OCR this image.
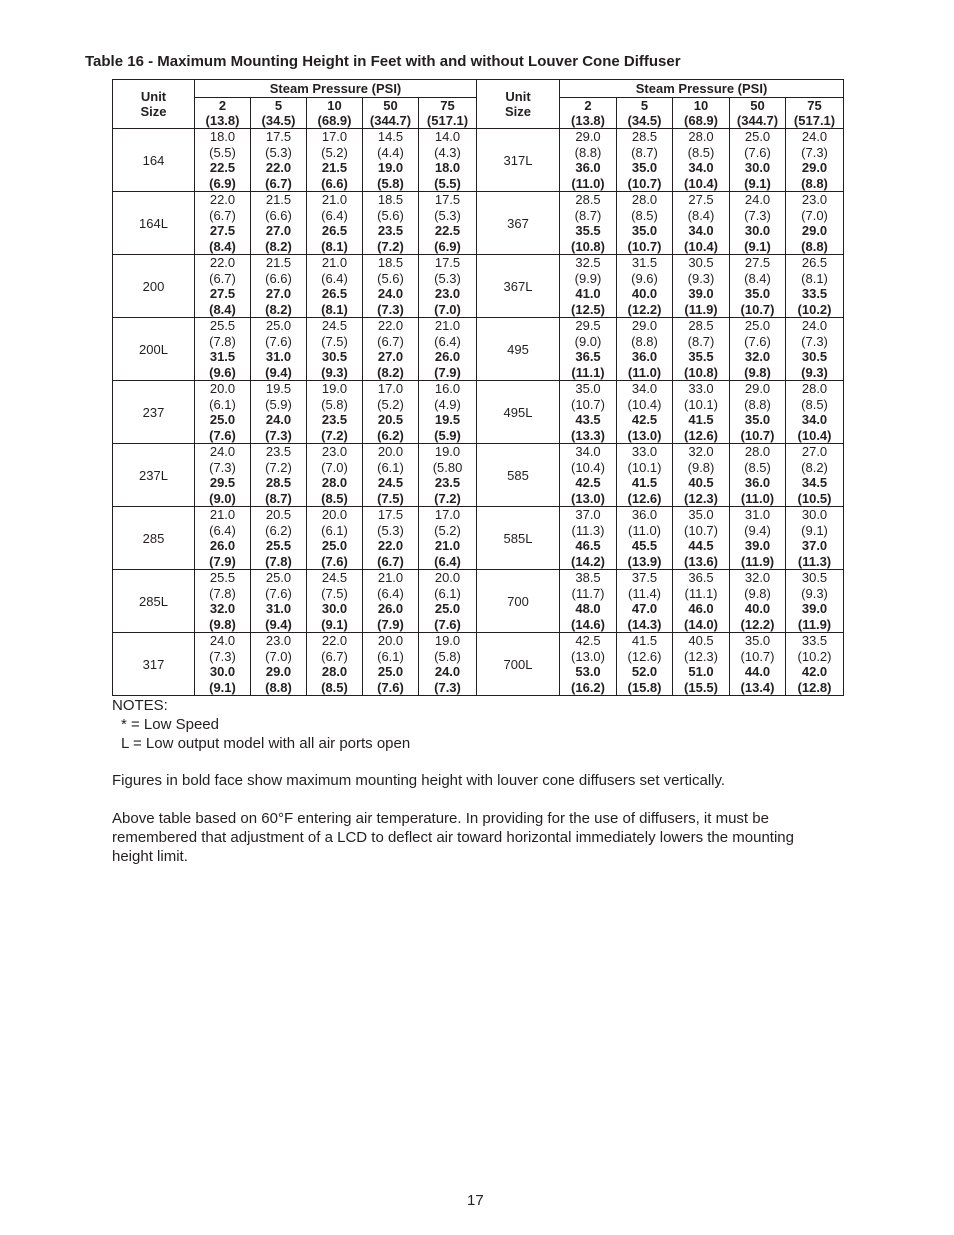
Table 16 - Maximum Mounting Height in Feet with and without Louver Cone Diffuser
Unit
Size	Steam Pressure (PSI)					Unit
Size	Steam Pressure (PSI)				

	2
(13.8)	5
(34.5)	10
(68.9)	50
(344.7)	75
(517.1)		2
(13.8)	5
(34.5)	10
(68.9)	50
(344.7)	75
(517.1)

164	18.0
(5.5)
22.5
(6.9)	17.5
(5.3)
22.0
(6.7)	17.0
(5.2)
21.5
(6.6)	14.5
(4.4)
19.0
(5.8)	14.0
(4.3)
18.0
(5.5)	317L	29.0
(8.8)
36.0
(11.0)	28.5
(8.7)
35.0
(10.7)	28.0
(8.5)
34.0
(10.4)	25.0
(7.6)
30.0
(9.1)	24.0
(7.3)
29.0
(8.8)

164L	22.0
(6.7)
27.5
(8.4)	21.5
(6.6)
27.0
(8.2)	21.0
(6.4)
26.5
(8.1)	18.5
(5.6)
23.5
(7.2)	17.5
(5.3)
22.5
(6.9)	367	28.5
(8.7)
35.5
(10.8)	28.0
(8.5)
35.0
(10.7)	27.5
(8.4)
34.0
(10.4)	24.0
(7.3)
30.0
(9.1)	23.0
(7.0)
29.0
(8.8)

200	22.0
(6.7)
27.5
(8.4)	21.5
(6.6)
27.0
(8.2)	21.0
(6.4)
26.5
(8.1)	18.5
(5.6)
24.0
(7.3)	17.5
(5.3)
23.0
(7.0)	367L	32.5
(9.9)
41.0
(12.5)	31.5
(9.6)
40.0
(12.2)	30.5
(9.3)
39.0
(11.9)	27.5
(8.4)
35.0
(10.7)	26.5
(8.1)
33.5
(10.2)

200L	25.5
(7.8)
31.5
(9.6)	25.0
(7.6)
31.0
(9.4)	24.5
(7.5)
30.5
(9.3)	22.0
(6.7)
27.0
(8.2)	21.0
(6.4)
26.0
(7.9)	495	29.5
(9.0)
36.5
(11.1)	29.0
(8.8)
36.0
(11.0)	28.5
(8.7)
35.5
(10.8)	25.0
(7.6)
32.0
(9.8)	24.0
(7.3)
30.5
(9.3)

237	20.0
(6.1)
25.0
(7.6)	19.5
(5.9)
24.0
(7.3)	19.0
(5.8)
23.5
(7.2)	17.0
(5.2)
20.5
(6.2)	16.0
(4.9)
19.5
(5.9)	495L	35.0
(10.7)
43.5
(13.3)	34.0
(10.4)
42.5
(13.0)	33.0
(10.1)
41.5
(12.6)	29.0
(8.8)
35.0
(10.7)	28.0
(8.5)
34.0
(10.4)

237L	24.0
(7.3)
29.5
(9.0)	23.5
(7.2)
28.5
(8.7)	23.0
(7.0)
28.0
(8.5)	20.0
(6.1)
24.5
(7.5)	19.0
(5.80
23.5
(7.2)	585	34.0
(10.4)
42.5
(13.0)	33.0
(10.1)
41.5
(12.6)	32.0
(9.8)
40.5
(12.3)	28.0
(8.5)
36.0
(11.0)	27.0
(8.2)
34.5
(10.5)

285	21.0
(6.4)
26.0
(7.9)	20.5
(6.2)
25.5
(7.8)	20.0
(6.1)
25.0
(7.6)	17.5
(5.3)
22.0
(6.7)	17.0
(5.2)
21.0
(6.4)	585L	37.0
(11.3)
46.5
(14.2)	36.0
(11.0)
45.5
(13.9)	35.0
(10.7)
44.5
(13.6)	31.0
(9.4)
39.0
(11.9)	30.0
(9.1)
37.0
(11.3)

285L	25.5
(7.8)
32.0
(9.8)	25.0
(7.6)
31.0
(9.4)	24.5
(7.5)
30.0
(9.1)	21.0
(6.4)
26.0
(7.9)	20.0
(6.1)
25.0
(7.6)	700	38.5
(11.7)
48.0
(14.6)	37.5
(11.4)
47.0
(14.3)	36.5
(11.1)
46.0
(14.0)	32.0
(9.8)
40.0
(12.2)	30.5
(9.3)
39.0
(11.9)

317	24.0
(7.3)
30.0
(9.1)	23.0
(7.0)
29.0
(8.8)	22.0
(6.7)
28.0
(8.5)	20.0
(6.1)
25.0
(7.6)	19.0
(5.8)
24.0
(7.3)	700L	42.5
(13.0)
53.0
(16.2)	41.5
(12.6)
52.0
(15.8)	40.5
(12.3)
51.0
(15.5)	35.0
(10.7)
44.0
(13.4)	33.5
(10.2)
42.0
(12.8)
NOTES:
* = Low Speed
L = Low output model with all air ports open
Figures in bold face show maximum mounting height with louver cone diffusers set vertically.
Above table based on 60°F entering air temperature. In providing for the use of diffusers, it must be remembered that adjustment of a LCD to deflect air toward horizontal immediately lowers the mounting height limit.
17
